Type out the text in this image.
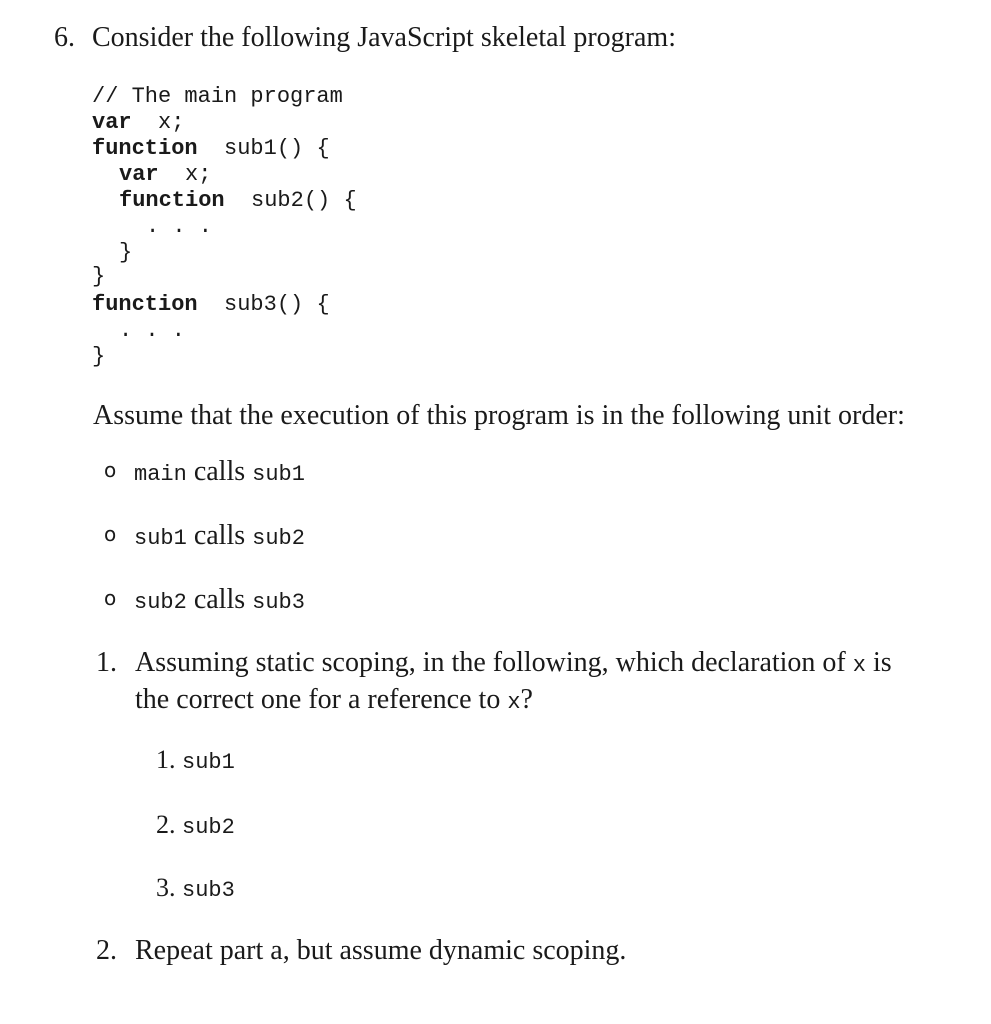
6. Consider the following JavaScript skeletal program:
// The main program
var x;
function sub1() {
var x;
function sub2() {
. . .
}
}
function sub3() {
. . .
}
Assume that the execution of this program is in the following unit order:
o main calls sub1
o sub1 calls sub2
o sub2 calls sub3
1. Assuming static scoping, in the following, which declaration of x is the correct one for a reference to x?
1. sub1
2. sub2
3. sub3
2. Repeat part a, but assume dynamic scoping.
